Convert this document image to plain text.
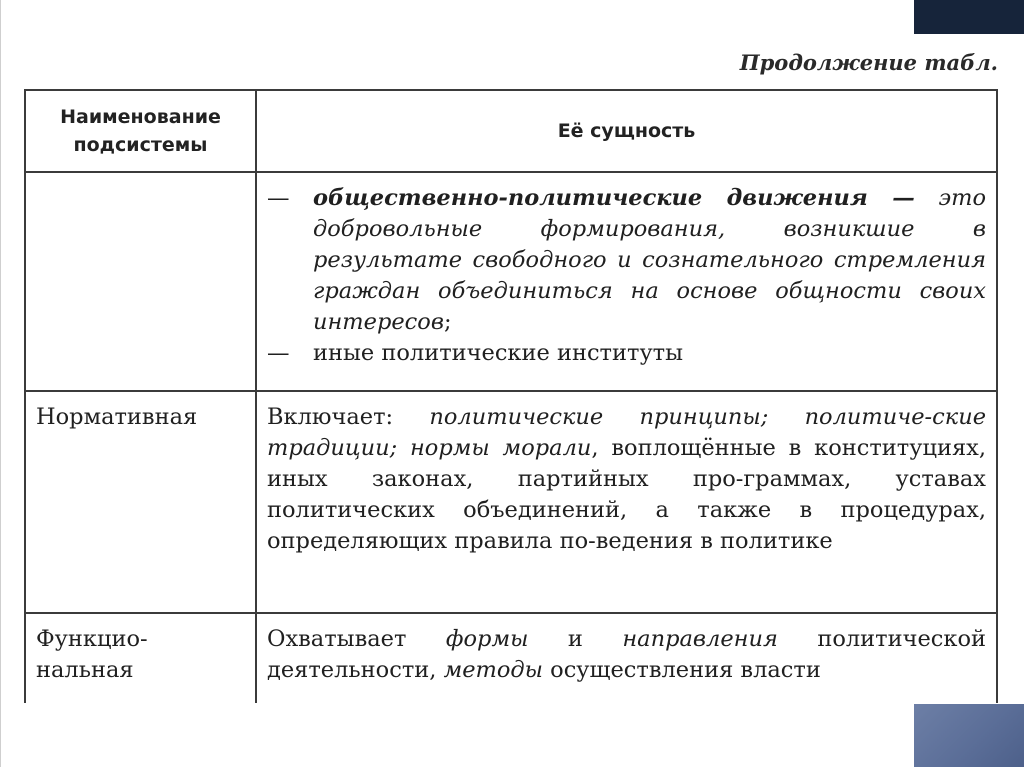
Продолжение табл.
Наименование
подсистемы	Её сущность

	— общественно-политические движения — это добровольные формирования, возникшие в результате свободного и сознательного стремления граждан объединиться на основе общности своих интересов;
— иные политические институты

Нормативная	Включает: политические принципы; политиче-ские традиции; нормы морали, воплощённые в конституциях, иных законах, партийных про-граммах, уставах политических объединений, а также в процедурах, определяющих правила по-ведения в политике
Функцио-
нальная	Охватывает формы и направления политической деятельности, методы осуществления власти
